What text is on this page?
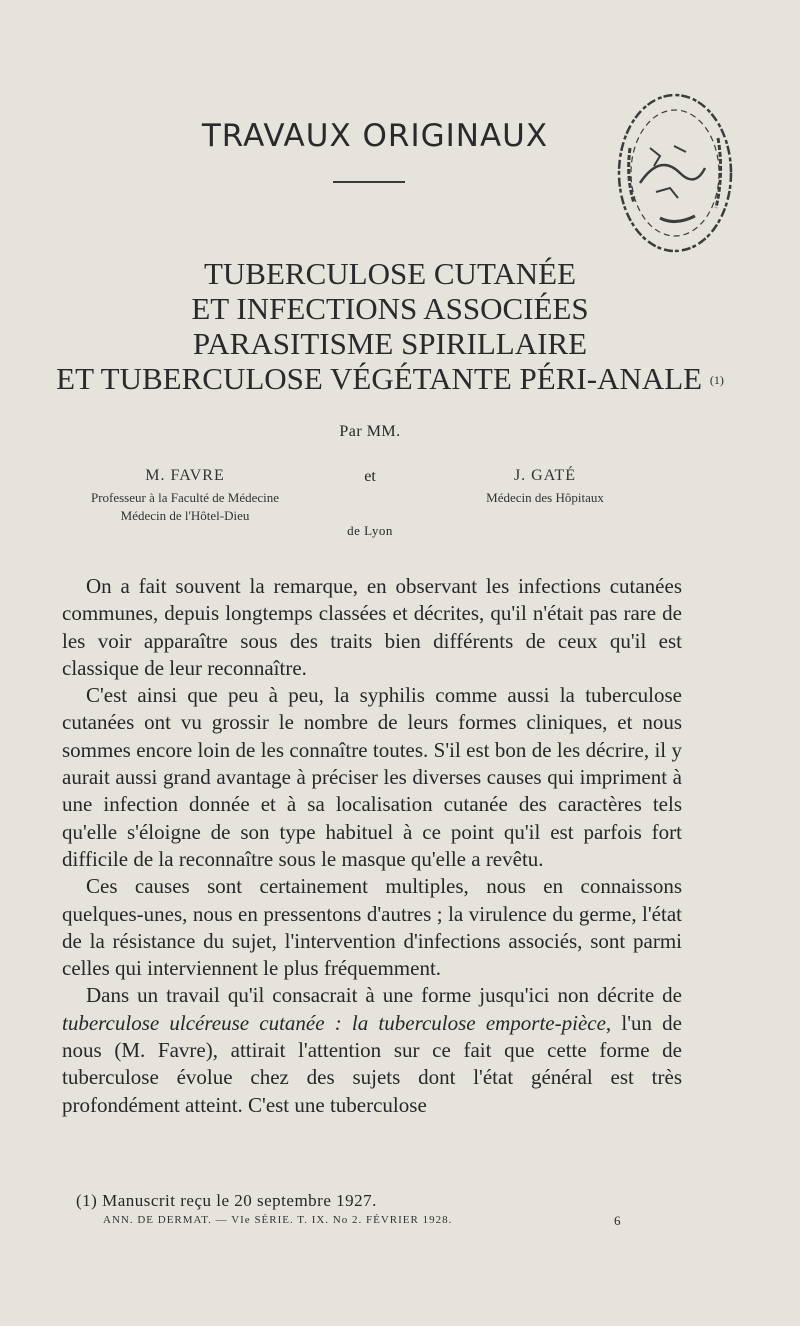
TRAVAUX ORIGINAUX
TUBERCULOSE CUTANÉE
ET INFECTIONS ASSOCIÉES
PARASITISME SPIRILLAIRE
ET TUBERCULOSE VÉGÉTANTE PÉRI-ANALE $^{(1)}$
Par MM.
M. FAVRE
Professeur à la Faculté de Médecine
Médecin de l'Hôtel-Dieu
et	J. GATÉ
Médecin des Hôpitaux
de Lyon

On a fait souvent la remarque, en observant les infections cutanées communes, depuis longtemps classées et décrites, qu'il n'était pas rare de les voir apparaître sous des traits bien différents de ceux qu'il est classique de leur reconnaître.

C'est ainsi que peu à peu, la syphilis comme aussi la tuberculose cutanées ont vu grossir le nombre de leurs formes cliniques, et nous sommes encore loin de les connaître toutes. S'il est bon de les décrire, il y aurait aussi grand avantage à préciser les diverses causes qui impriment à une infection donnée et à sa localisation cutanée des caractères tels qu'elle s'éloigne de son type habituel à ce point qu'il est parfois fort difficile de la reconnaître sous le masque qu'elle a revêtu.

Ces causes sont certainement multiples, nous en connaissons quelques-unes, nous en pressentons d'autres ; la virulence du germe, l'état de la résistance du sujet, l'intervention d'infections associés, sont parmi celles qui interviennent le plus fréquemment.

Dans un travail qu'il consacrait à une forme jusqu'ici non décrite de tuberculose ulcéreuse cutanée : la tuberculose emporte-pièce, l'un de nous (M. Favre), attirait l'attention sur ce fait que cette forme de tuberculose évolue chez des sujets dont l'état général est très profondément atteint. C'est une tuberculose

(1) Manuscrit reçu le 20 septembre 1927.
ANN. DE DERMAT. — VIe SÉRIE. T. IX. No 2. FÉVRIER 1928.	6
